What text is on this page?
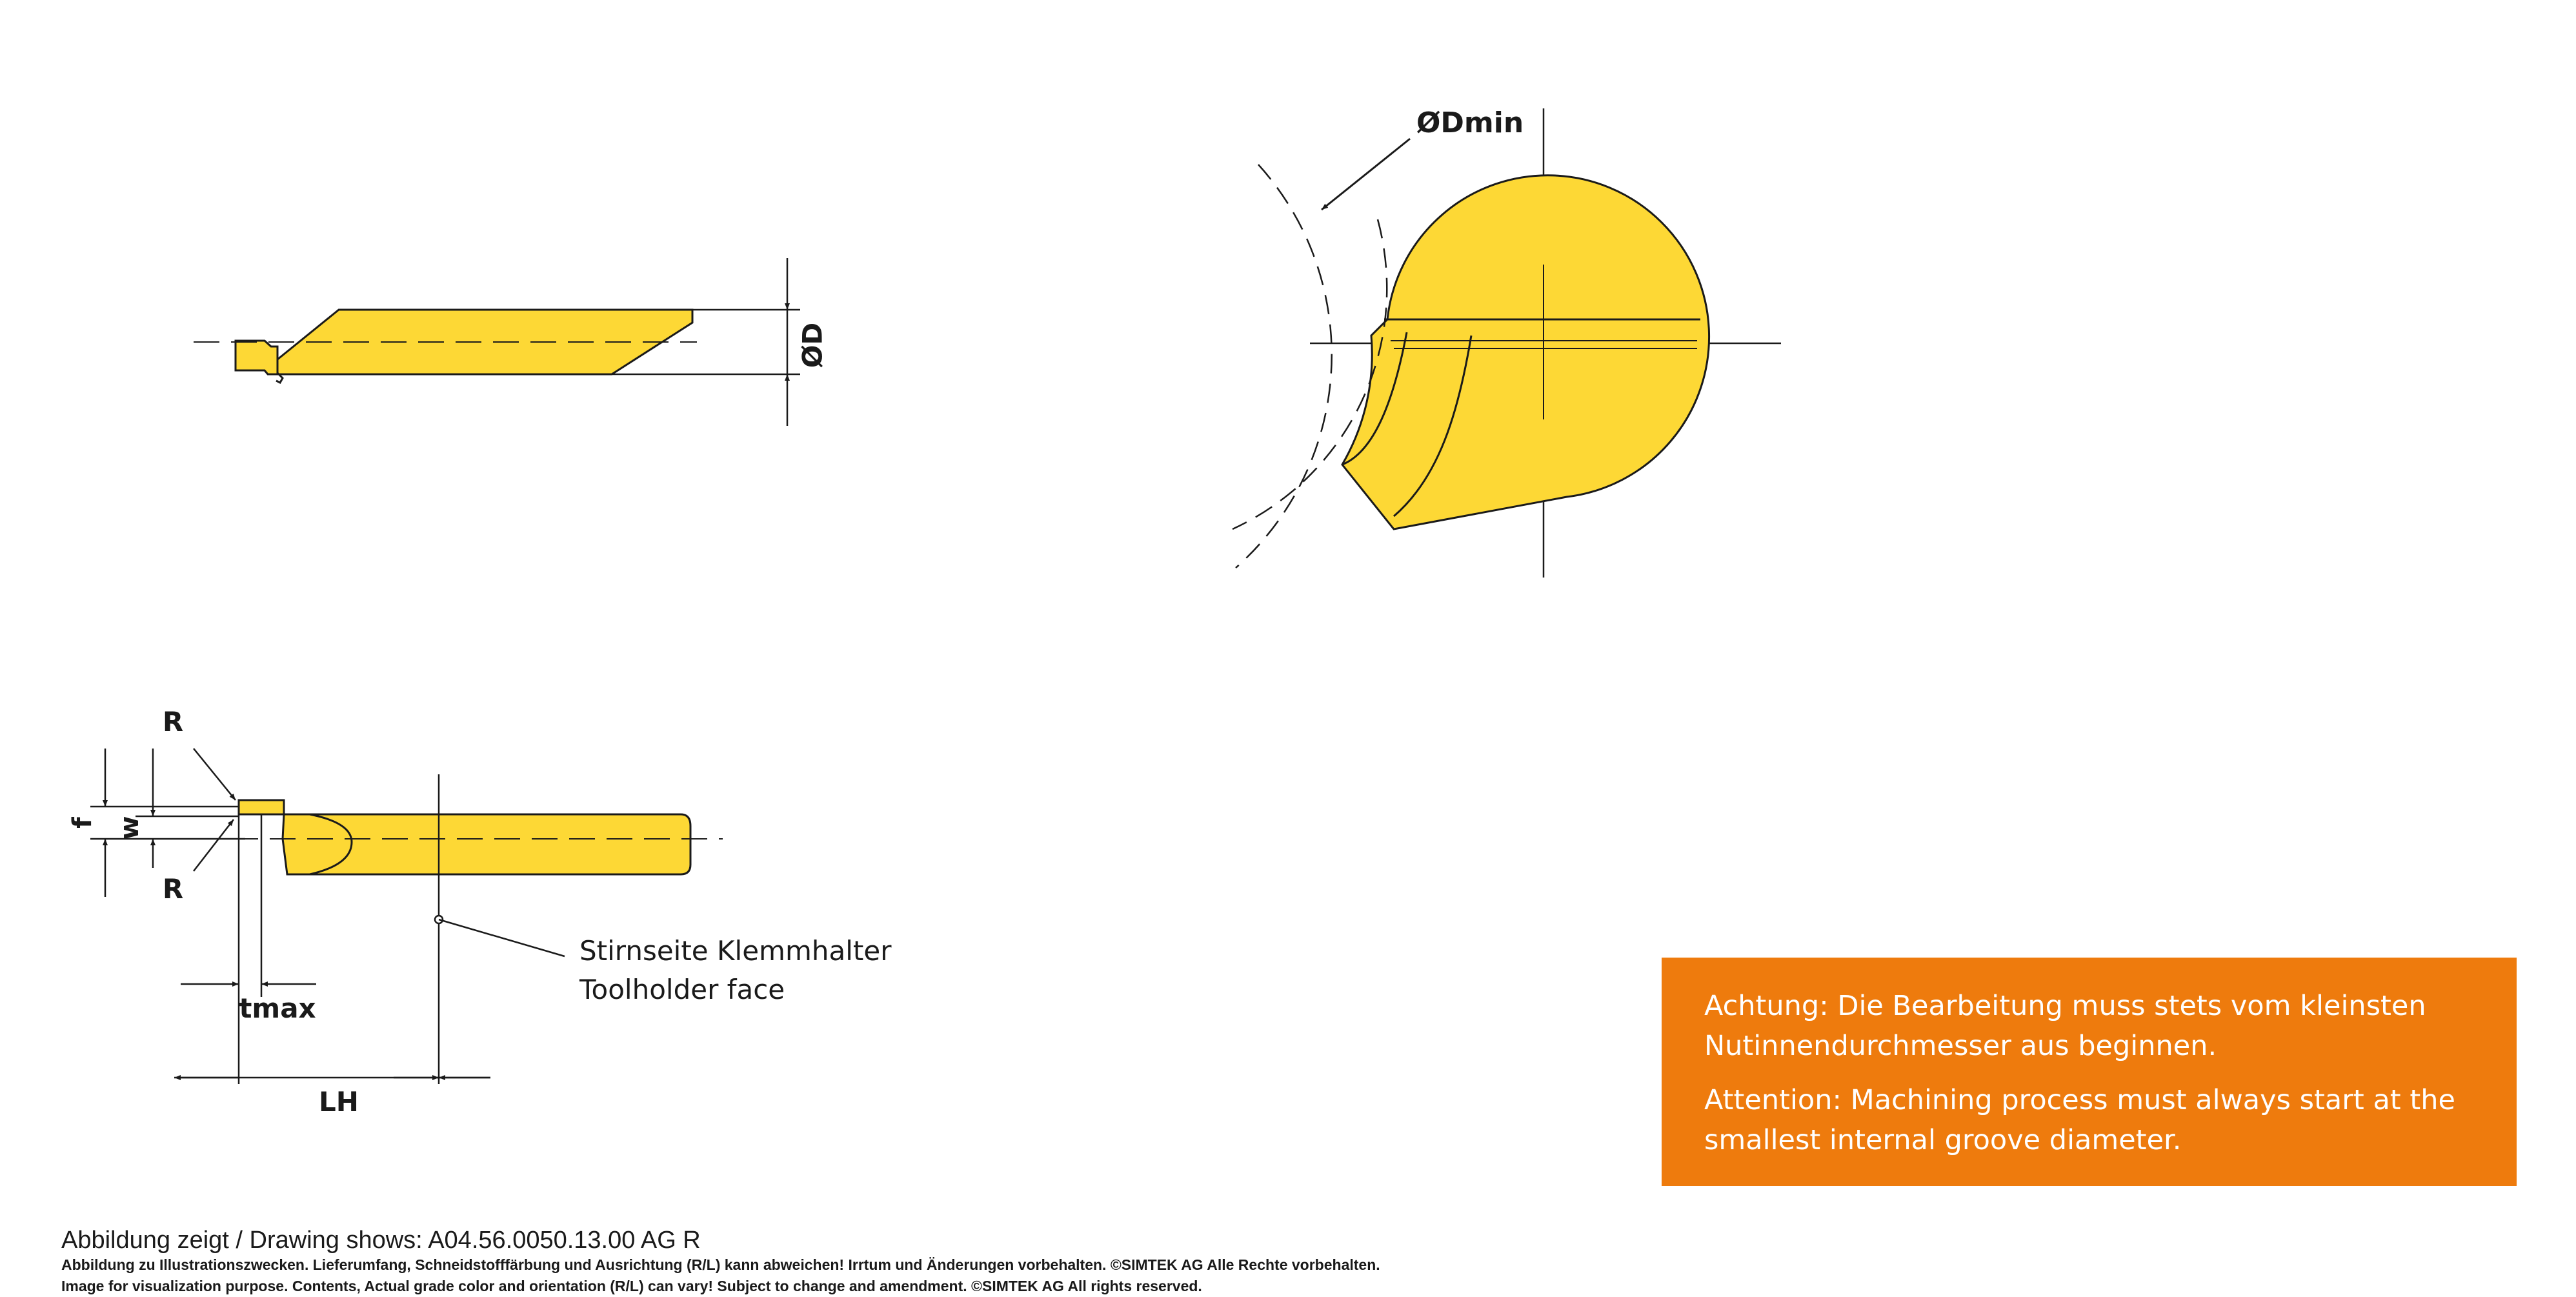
ØD
ØDmin
f w
R
R
tmax
LH
Stirnseite Klemmhalter
Toolholder face

Achtung: Die Bearbeitung muss stets vom kleinsten Nutinnendurchmesser aus beginnen.

Attention: Machining process must always start at the smallest internal groove diameter.

Abbildung zeigt / Drawing shows: A04.56.0050.13.00 AG R
Abbildung zu Illustrationszwecken. Lieferumfang, Schneidstofffärbung und Ausrichtung (R/L) kann abweichen! Irrtum und Änderungen vorbehalten. ©SIMTEK AG Alle Rechte vorbehalten.
Image for visualization purpose. Contents, Actual grade color and orientation (R/L) can vary! Subject to change and amendment. ©SIMTEK AG All rights reserved.
